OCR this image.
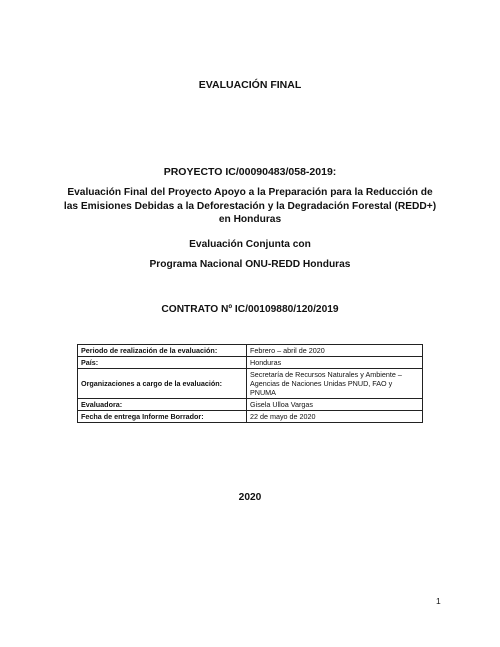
EVALUACIÓN FINAL
PROYECTO IC/00090483/058-2019:
Evaluación Final del Proyecto Apoyo a la Preparación para la Reducción de las Emisiones Debidas a la Deforestación y la Degradación Forestal (REDD+) en Honduras
Evaluación Conjunta con
Programa Nacional ONU-REDD Honduras
CONTRATO Nº IC/00109880/120/2019
Periodo de realización de la evaluación:	Febrero – abril de 2020
País:	Honduras
Organizaciones a cargo de la evaluación:	Secretaría de Recursos Naturales y Ambiente – Agencias de Naciones Unidas PNUD, FAO y PNUMA
Evaluadora:	Gisela Ulloa Vargas
Fecha de entrega Informe Borrador:	22 de mayo de 2020
2020
1
